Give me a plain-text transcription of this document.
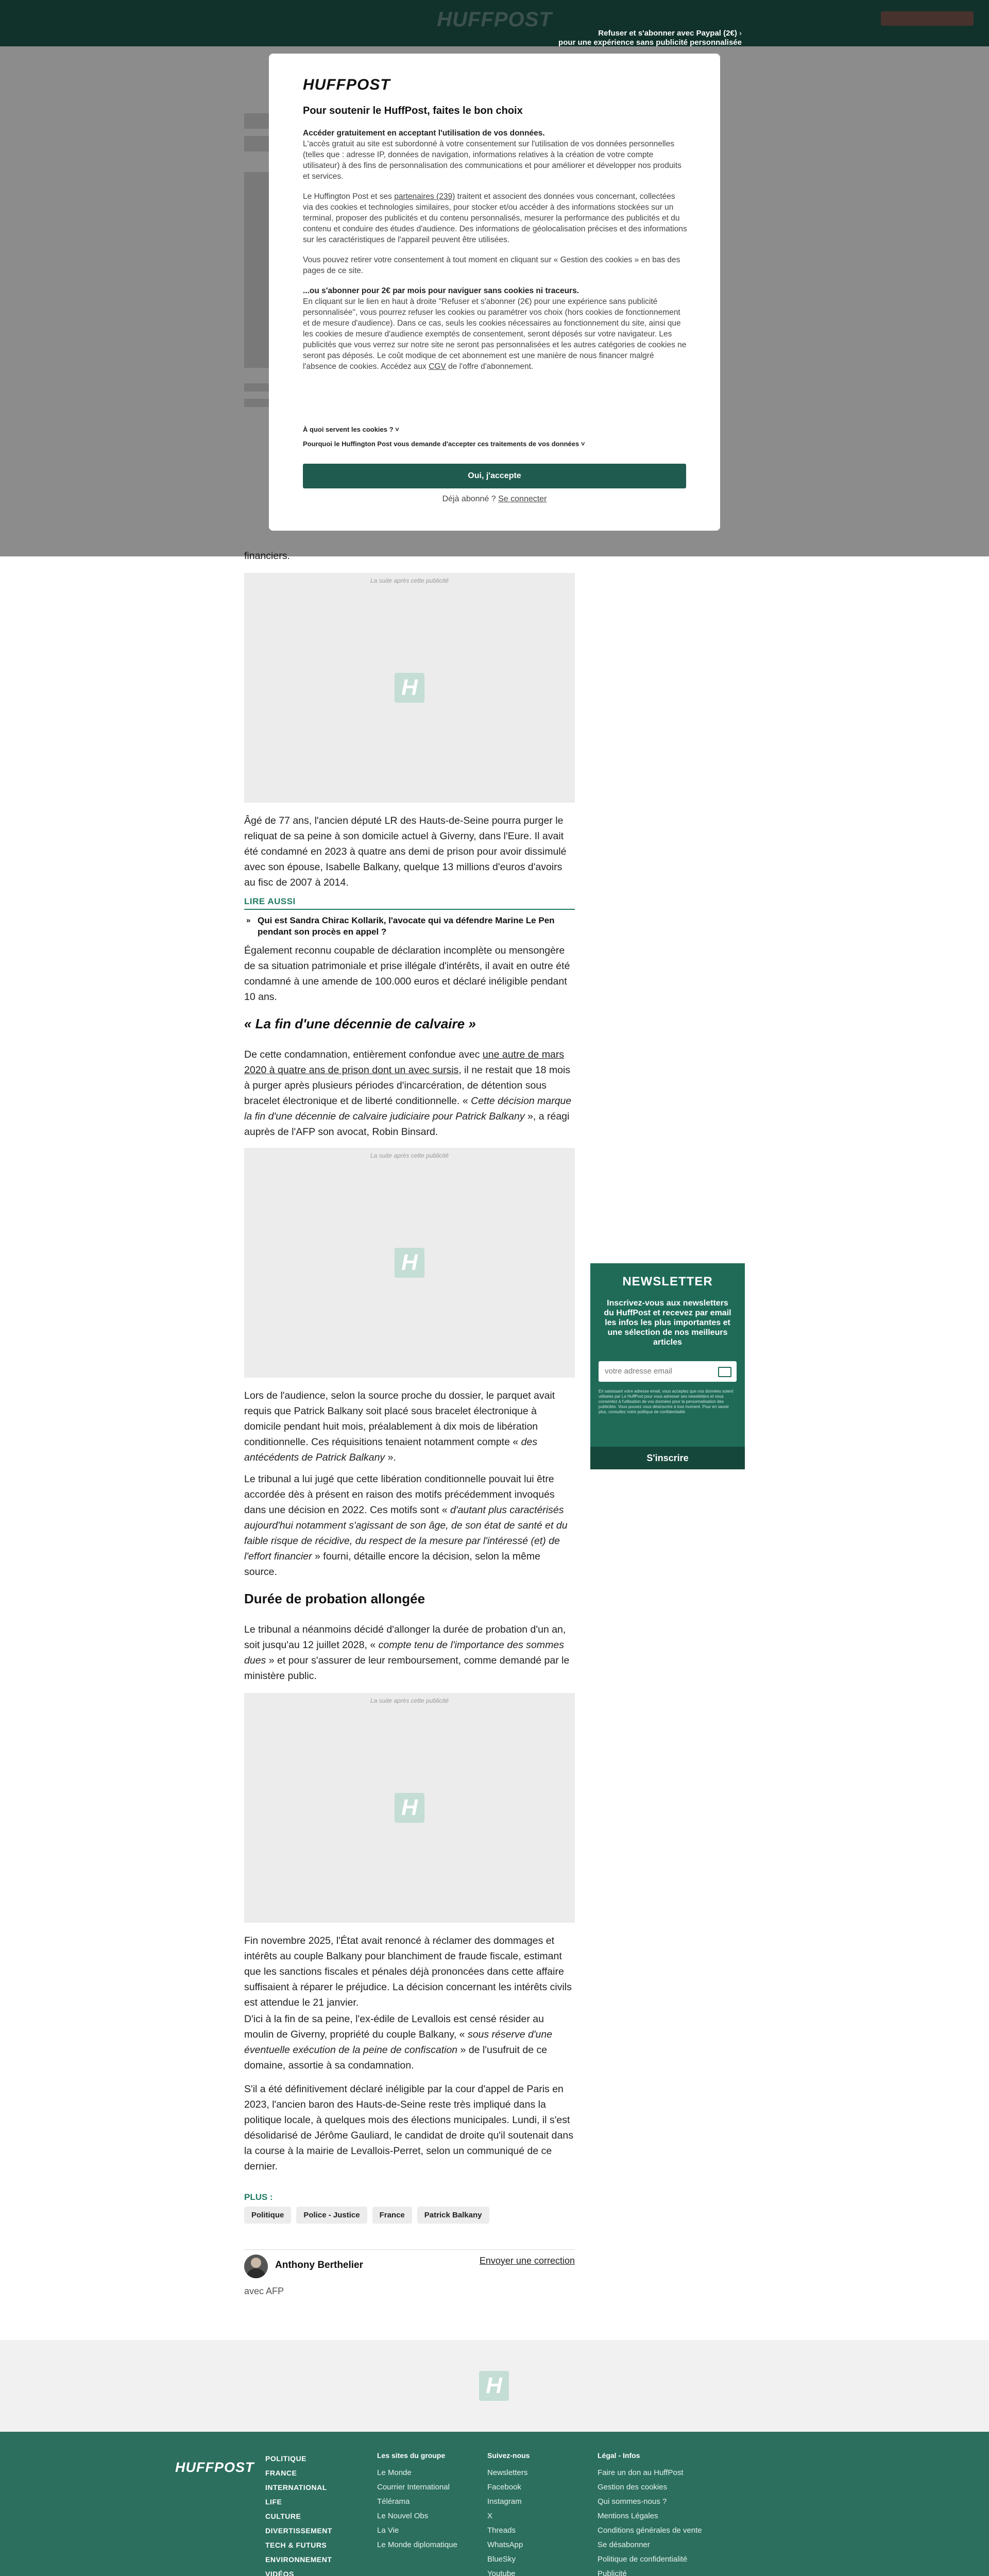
HUFFPOST

financiers.

La suite après cette publicité
H

Âgé de 77 ans, l'ancien député LR des Hauts-de-Seine pourra purger le reliquat de sa peine à son domicile actuel à Giverny, dans l'Eure. Il avait été condamné en 2023 à quatre ans demi de prison pour avoir dissimulé avec son épouse, Isabelle Balkany, quelque 13 millions d'euros d'avoirs au fisc de 2007 à 2014.

LIRE AUSSI
» Qui est Sandra Chirac Kollarik, l'avocate qui va défendre Marine Le Pen pendant son procès en appel ?

Également reconnu coupable de déclaration incomplète ou mensongère de sa situation patrimoniale et prise illégale d'intérêts, il avait en outre été condamné à une amende de 100.000 euros et déclaré inéligible pendant 10 ans.

« La fin d'une décennie de calvaire »

De cette condamnation, entièrement confondue avec une autre de mars 2020 à quatre ans de prison dont un avec sursis, il ne restait que 18 mois à purger après plusieurs périodes d'incarcération, de détention sous bracelet électronique et de liberté conditionnelle. « Cette décision marque la fin d'une décennie de calvaire judiciaire pour Patrick Balkany », a réagi auprès de l'AFP son avocat, Robin Binsard.

La suite après cette publicité
H

Lors de l'audience, selon la source proche du dossier, le parquet avait requis que Patrick Balkany soit placé sous bracelet électronique à domicile pendant huit mois, préalablement à dix mois de libération conditionnelle. Ces réquisitions tenaient notamment compte « des antécédents de Patrick Balkany ».

Le tribunal a lui jugé que cette libération conditionnelle pouvait lui être accordée dès à présent en raison des motifs précédemment invoqués dans une décision en 2022. Ces motifs sont « d'autant plus caractérisés aujourd'hui notamment s'agissant de son âge, de son état de santé et du faible risque de récidive, du respect de la mesure par l'intéressé (et) de l'effort financier » fourni, détaille encore la décision, selon la même source.

Durée de probation allongée

Le tribunal a néanmoins décidé d'allonger la durée de probation d'un an, soit jusqu'au 12 juillet 2028, « compte tenu de l'importance des sommes dues » et pour s'assurer de leur remboursement, comme demandé par le ministère public.

La suite après cette publicité
H

Fin novembre 2025, l'État avait renoncé à réclamer des dommages et intérêts au couple Balkany pour blanchiment de fraude fiscale, estimant que les sanctions fiscales et pénales déjà prononcées dans cette affaire suffisaient à réparer le préjudice. La décision concernant les intérêts civils est attendue le 21 janvier.

D'ici à la fin de sa peine, l'ex-édile de Levallois est censé résider au moulin de Giverny, propriété du couple Balkany, « sous réserve d'une éventuelle exécution de la peine de confiscation » de l'usufruit de ce domaine, assortie à sa condamnation.

S'il a été définitivement déclaré inéligible par la cour d'appel de Paris en 2023, l'ancien baron des Hauts-de-Seine reste très impliqué dans la politique locale, à quelques mois des élections municipales. Lundi, il s'est désolidarisé de Jérôme Gauliard, le candidat de droite qu'il soutenait dans la course à la mairie de Levallois-Perret, selon un communiqué de ce dernier.

PLUS :
Politique	Police - Justice	France	Patrick Balkany
Anthony Berthelier	Envoyer une correction
avec AFP
NEWSLETTER

Inscrivez-vous aux newsletters du HuffPost et recevez par email les infos les plus importantes et une sélection de nos meilleurs articles

votre adresse email
En saisissant votre adresse email, vous acceptez que vos données soient utilisées par Le HuffPost pour vous adresser ses newsletters et vous consentez à l'utilisation de vos données pour la personnalisation des publicités. Vous pouvez vous désinscrire à tout moment. Pour en savoir plus, consultez notre politique de confidentialité.
S'inscrire
H
HUFFPOST
POLITIQUE
FRANCE
INTERNATIONAL
LIFE
CULTURE
DIVERTISSEMENT
TECH & FUTURS
ENVIRONNEMENT
VIDÉOS
Les sites du groupe
Le Monde
Courrier International
Télérama
Le Nouvel Obs
La Vie
Le Monde diplomatique
Suivez-nous
Newsletters
Facebook
Instagram
X
Threads
WhatsApp
BlueSky
Youtube
Légal - Infos
Faire un don au HuffPost
Gestion des cookies
Qui sommes-nous ?
Mentions Légales
Conditions générales de vente
Se désabonner
Politique de confidentialité
Publicité
Refuser et s'abonner avec Paypal (2€) ›
pour une expérience sans publicité personnalisée
HUFFPOST
Pour soutenir le HuffPost, faites le bon choix

Accéder gratuitement en acceptant l'utilisation de vos données.

L'accès gratuit au site est subordonné à votre consentement sur l'utilisation de vos données personnelles (telles que : adresse IP, données de navigation, informations relatives à la création de votre compte utilisateur) à des fins de personnalisation des communications et pour améliorer et développer nos produits et services.

Le Huffington Post et ses partenaires (239) traitent et associent des données vous concernant, collectées via des cookies et technologies similaires, pour stocker et/ou accéder à des informations stockées sur un terminal, proposer des publicités et du contenu personnalisés, mesurer la performance des publicités et du contenu et conduire des études d'audience. Des informations de géolocalisation précises et des informations sur les caractéristiques de l'appareil peuvent être utilisées.

Vous pouvez retirer votre consentement à tout moment en cliquant sur « Gestion des cookies » en bas des pages de ce site.

...ou s'abonner pour 2€ par mois pour naviguer sans cookies ni traceurs.

En cliquant sur le lien en haut à droite "Refuser et s'abonner (2€) pour une expérience sans publicité personnalisée", vous pourrez refuser les cookies ou paramétrer vos choix (hors cookies de fonctionnement et de mesure d'audience). Dans ce cas, seuls les cookies nécessaires au fonctionnement du site, ainsi que les cookies de mesure d'audience exemptés de consentement, seront déposés sur votre navigateur. Les publicités que vous verrez sur notre site ne seront pas personnalisées et les autres catégories de cookies ne seront pas déposés. Le coût modique de cet abonnement est une manière de nous financer malgré l'absence de cookies. Accédez aux CGV de l'offre d'abonnement.

À quoi servent les cookies ? ˅
Pourquoi le Huffington Post vous demande d'accepter ces traitements de vos données ˅
Oui, j'accepte
Déjà abonné ? Se connecter
